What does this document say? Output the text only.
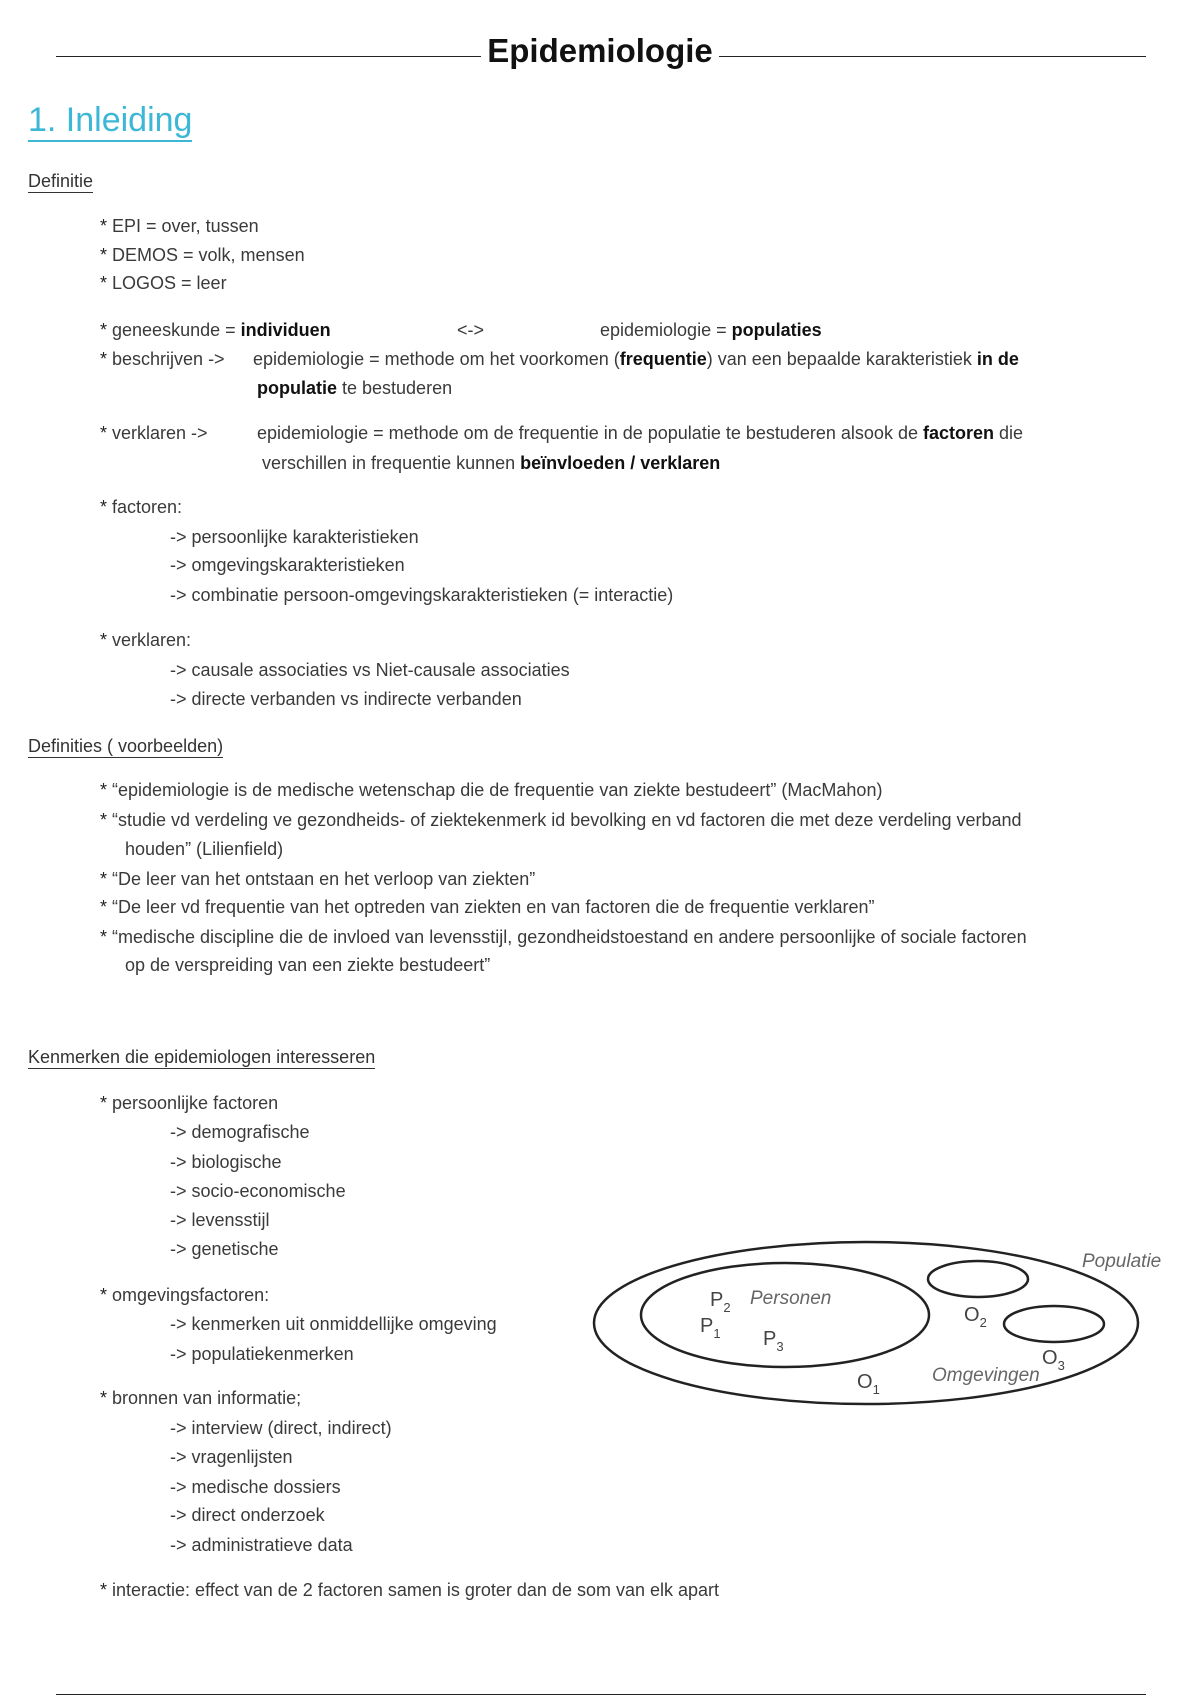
Epidemiologie
1. Inleiding
Definitie
* EPI = over, tussen
* DEMOS = volk, mensen
* LOGOS = leer
* geneeskunde = individuen	<->	epidemiologie = populaties
* beschrijven -> epidemiologie = methode om het voorkomen (frequentie) van een bepaalde karakteristiek in de
populatie te bestuderen
* verklaren ->	epidemiologie = methode om de frequentie in de populatie te bestuderen alsook de factoren die
verschillen in frequentie kunnen beïnvloeden / verklaren
* factoren:
-> persoonlijke karakteristieken
-> omgevingskarakteristieken
-> combinatie persoon-omgevingskarakteristieken (= interactie)
* verklaren:
-> causale associaties vs Niet-causale associaties
-> directe verbanden vs indirecte verbanden
Definities ( voorbeelden)
* “epidemiologie is de medische wetenschap die de frequentie van ziekte bestudeert” (MacMahon)
* “studie vd verdeling ve gezondheids- of ziektekenmerk id bevolking en vd factoren die met deze verdeling verband
houden” (Lilienfield)
* “De leer van het ontstaan en het verloop van ziekten”
* “De leer vd frequentie van het optreden van ziekten en van factoren die de frequentie verklaren”
* “medische discipline die de invloed van levensstijl, gezondheidstoestand en andere persoonlijke of sociale factoren
op de verspreiding van een ziekte bestudeert”
Kenmerken die epidemiologen interesseren
* persoonlijke factoren
-> demografische
-> biologische
-> socio-economische
-> levensstijl
-> genetische
* omgevingsfactoren:
-> kenmerken uit onmiddellijke omgeving
-> populatiekenmerken
* bronnen van informatie;
-> interview (direct, indirect)
-> vragenlijsten
-> medische dossiers
-> direct onderzoek
-> administratieve data
* interactie: effect van de 2 factoren samen is groter dan de som van elk apart
Populatie
Personen
Omgevingen
$P_2$
$P_1$ $P_3$
$O_1$
$O_2$
$O_3$
